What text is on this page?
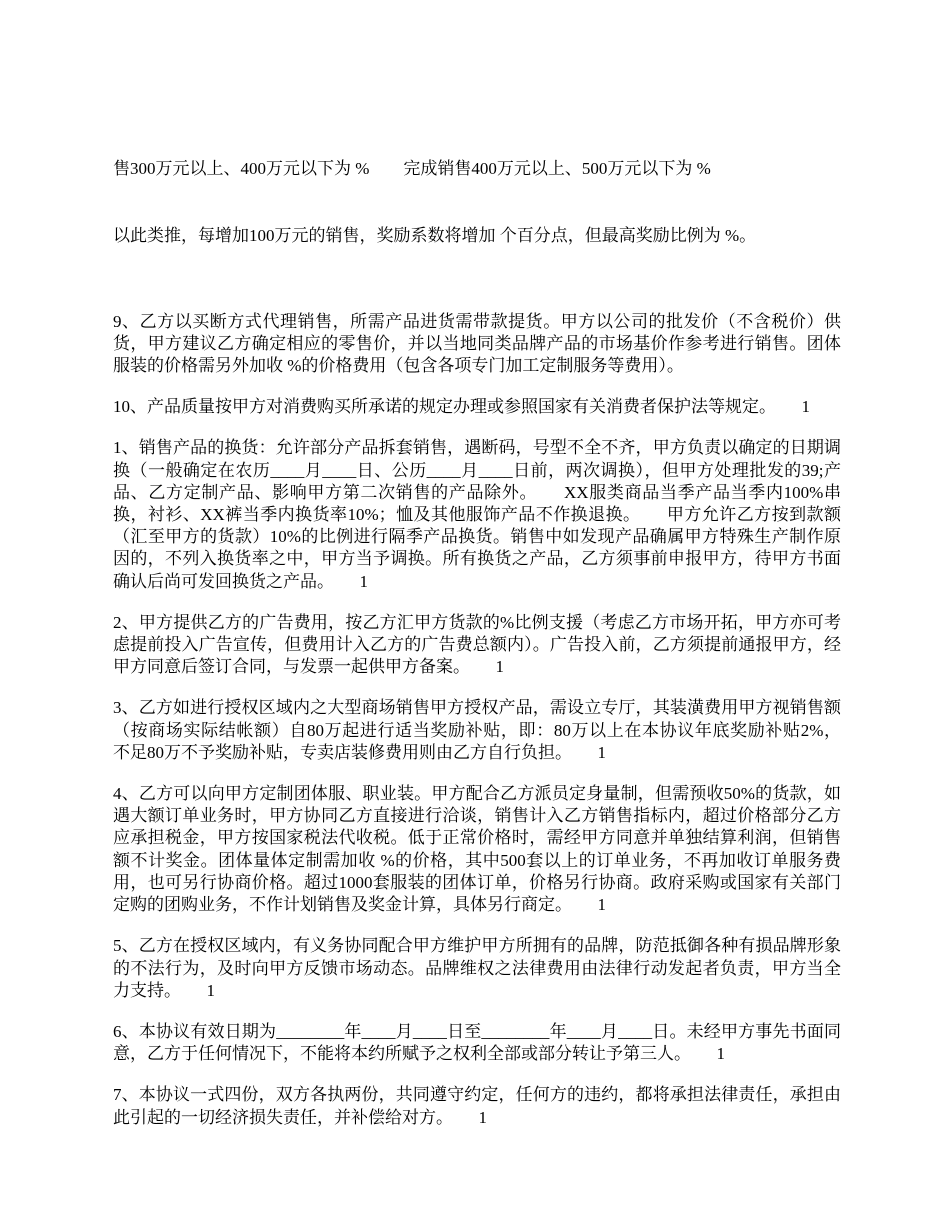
售300万元以上、400万元以下为 %　　完成销售400万元以上、500万元以下为 %

以此类推，每增加100万元的销售，奖励系数将增加 个百分点，但最高奖励比例为 %。

9、乙方以买断方式代理销售，所需产品进货需带款提货。甲方以公司的批发价（不含税价）供货，甲方建议乙方确定相应的零售价，并以当地同类品牌产品的市场基价作参考进行销售。团体服装的价格需另外加收 %的价格费用（包含各项专门加工定制服务等费用）。

10、产品质量按甲方对消费购买所承诺的规定办理或参照国家有关消费者保护法等规定。　　1

1、销售产品的换货：允许部分产品拆套销售，遇断码，号型不全不齐，甲方负责以确定的日期调换（一般确定在农历____月____日、公历____月____日前，两次调换），但甲方处理批发的39;产品、乙方定制产品、影响甲方第二次销售的产品除外。　　XX服类商品当季产品当季内100%串换，衬衫、XX裤当季内换货率10%；恤及其他服饰产品不作换退换。　　甲方允许乙方按到款额（汇至甲方的货款）10%的比例进行隔季产品换货。销售中如发现产品确属甲方特殊生产制作原因的，不列入换货率之中，甲方当予调换。所有换货之产品，乙方须事前申报甲方，待甲方书面确认后尚可发回换货之产品。　　1

2、甲方提供乙方的广告费用，按乙方汇甲方货款的%比例支援（考虑乙方市场开拓，甲方亦可考虑提前投入广告宣传，但费用计入乙方的广告费总额内）。广告投入前，乙方须提前通报甲方，经甲方同意后签订合同，与发票一起供甲方备案。　　1

3、乙方如进行授权区域内之大型商场销售甲方授权产品，需设立专厅，其装潢费用甲方视销售额（按商场实际结帐额）自80万起进行适当奖励补贴，即：80万以上在本协议年底奖励补贴2%，  不足80万不予奖励补贴，专卖店装修费用则由乙方自行负担。　　1

4、乙方可以向甲方定制团体服、职业装。甲方配合乙方派员定身量制，但需预收50%的货款，如遇大额订单业务时，甲方协同乙方直接进行洽谈，销售计入乙方销售指标内，超过价格部分乙方应承担税金，甲方按国家税法代收税。低于正常价格时，需经甲方同意并单独结算利润，但销售额不计奖金。团体量体定制需加收 %的价格，其中500套以上的订单业务，不再加收订单服务费用，也可另行协商价格。超过1000套服装的团体订单，价格另行协商。政府采购或国家有关部门定购的团购业务，不作计划销售及奖金计算，具体另行商定。　　1

5、乙方在授权区域内，有义务协同配合甲方维护甲方所拥有的品牌，防范抵御各种有损品牌形象的不法行为，及时向甲方反馈市场动态。品牌维权之法律费用由法律行动发起者负责，甲方当全力支持。　　1

6、本协议有效日期为________年____月____日至________年____月____日。未经甲方事先书面同意，乙方于任何情况下，不能将本约所赋予之权利全部或部分转让予第三人。　　1

7、本协议一式四份，双方各执两份，共同遵守约定，任何方的违约，都将承担法律责任，承担由此引起的一切经济损失责任，并补偿给对方。　　1
